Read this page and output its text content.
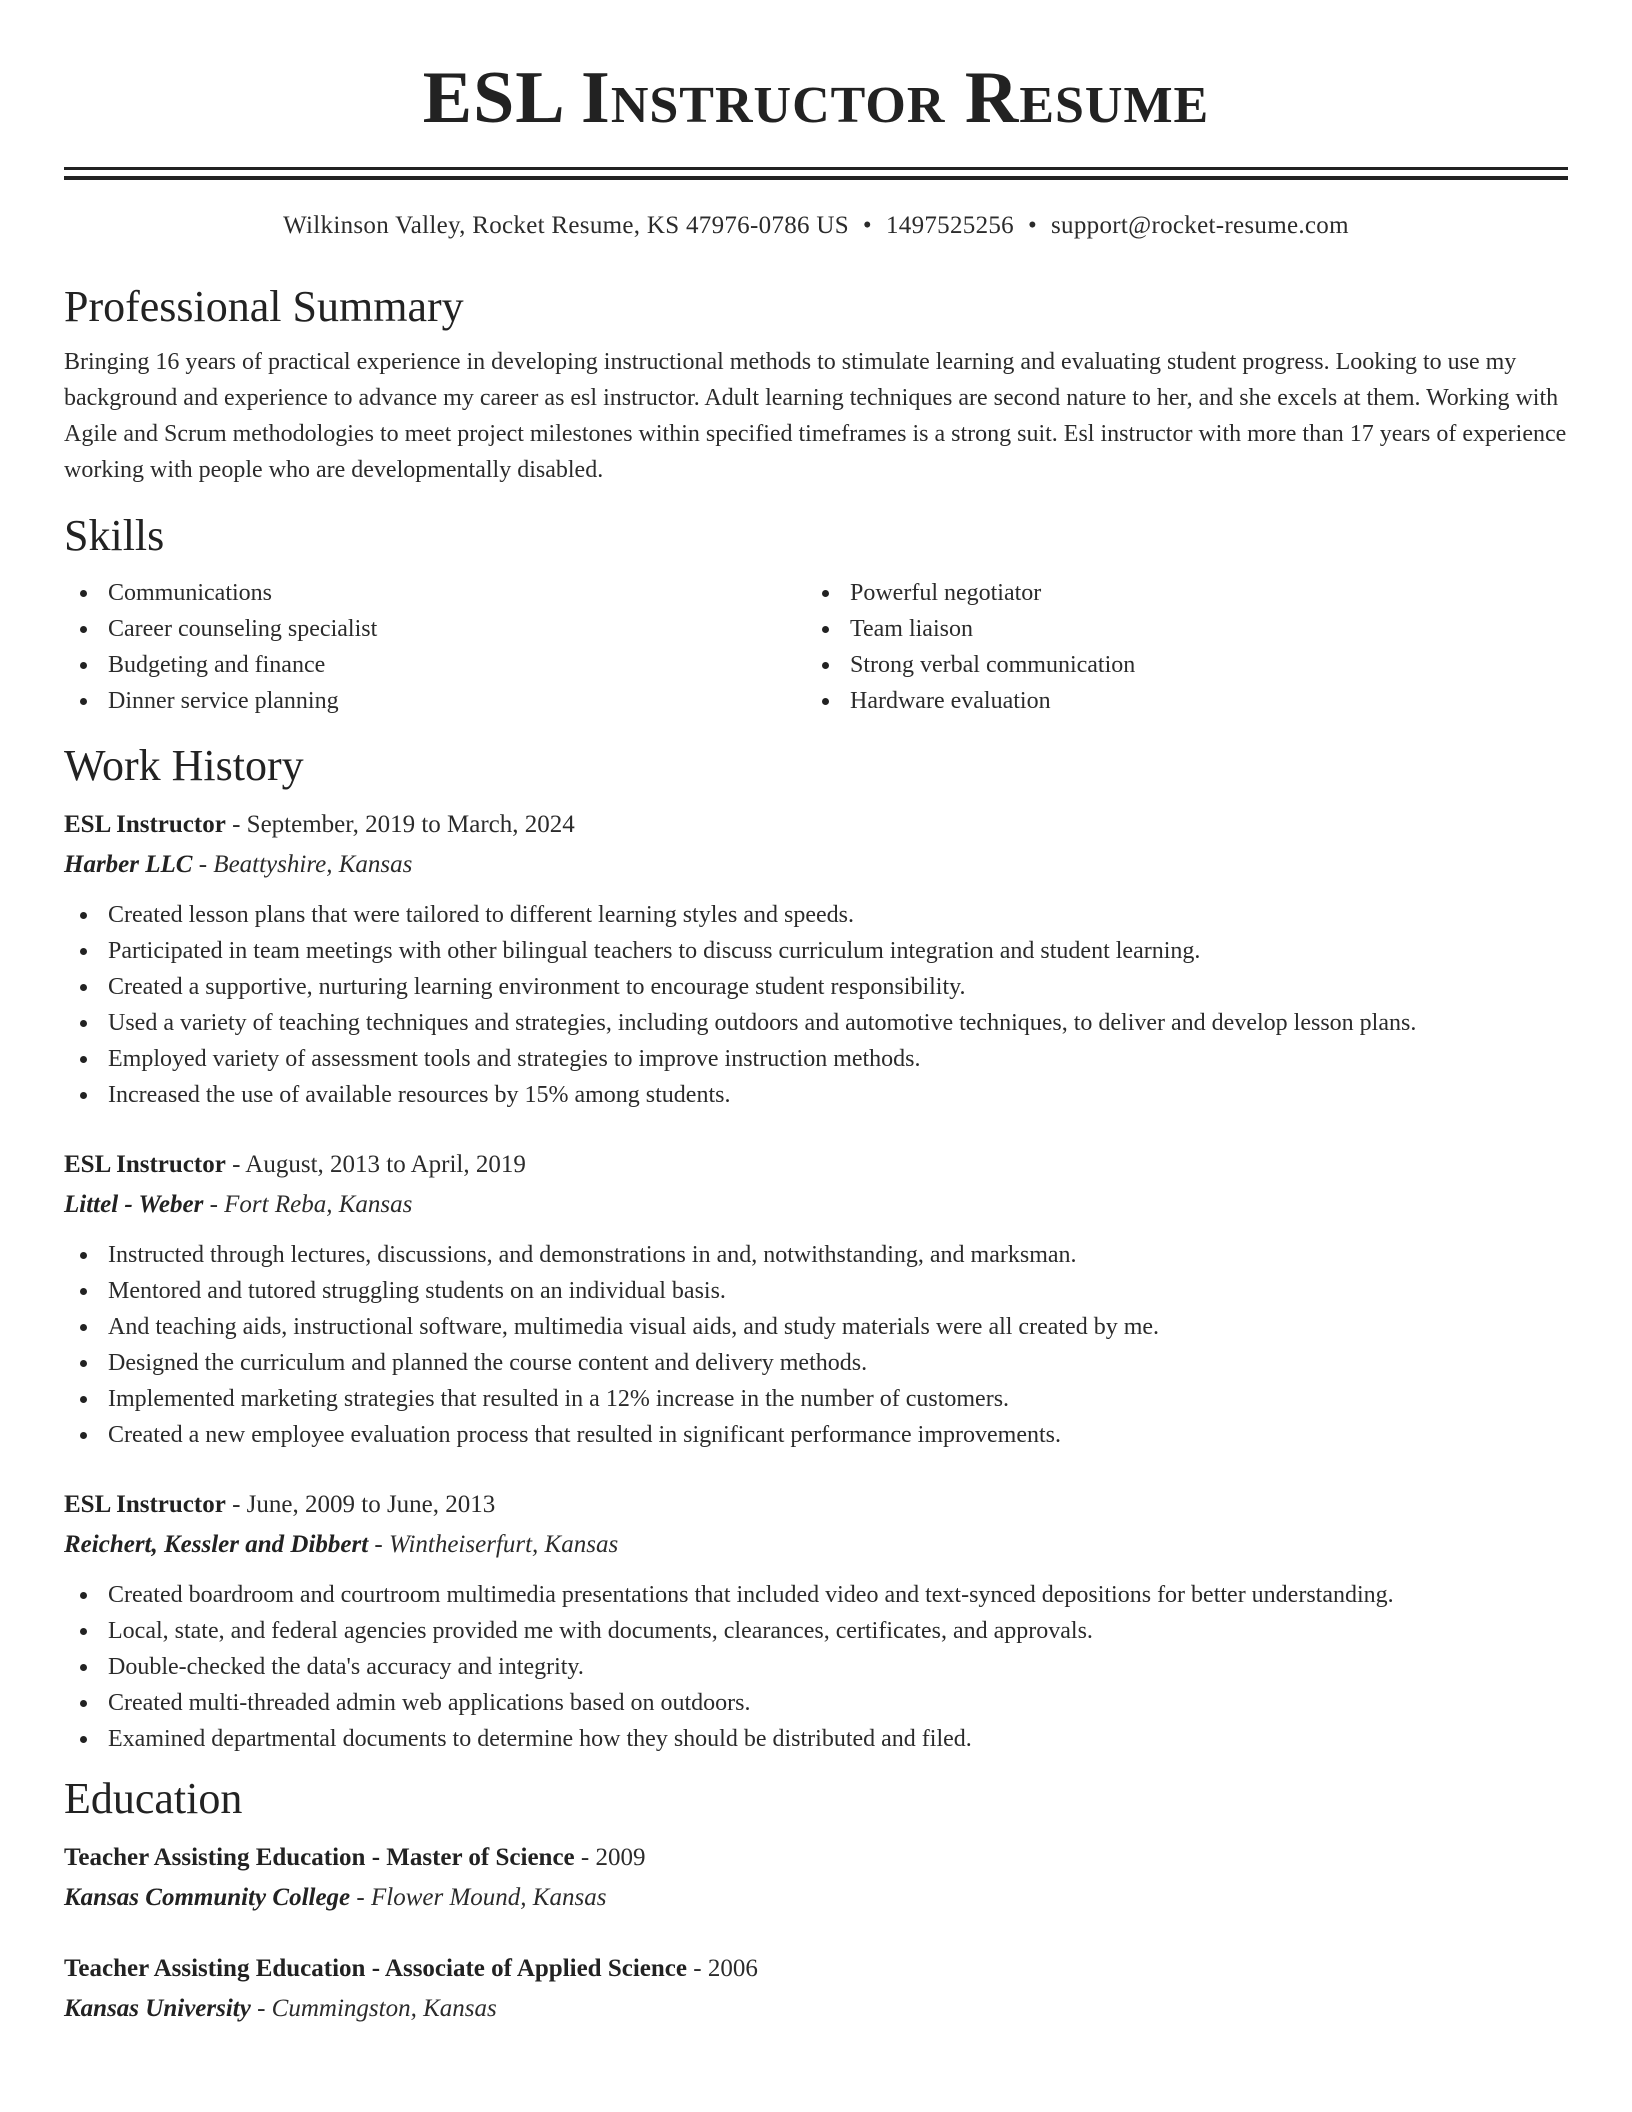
ESL Instructor Resume
Wilkinson Valley, Rocket Resume, KS 47976-0786 US • 1497525256 • support@rocket-resume.com
Professional Summary

Bringing 16 years of practical experience in developing instructional methods to stimulate learning and evaluating student progress. Looking to use my background and experience to advance my career as esl instructor. Adult learning techniques are second nature to her, and she excels at them. Working with Agile and Scrum methodologies to meet project milestones within specified timeframes is a strong suit. Esl instructor with more than 17 years of experience working with people who are developmentally disabled.

Skills
Communications
Career counseling specialist
Budgeting and finance
Dinner service planning
Powerful negotiator
Team liaison
Strong verbal communication
Hardware evaluation
Work History
ESL Instructor - September, 2019 to March, 2024
Harber LLC - Beattyshire, Kansas
Created lesson plans that were tailored to different learning styles and speeds.
Participated in team meetings with other bilingual teachers to discuss curriculum integration and student learning.
Created a supportive, nurturing learning environment to encourage student responsibility.
Used a variety of teaching techniques and strategies, including outdoors and automotive techniques, to deliver and develop lesson plans.
Employed variety of assessment tools and strategies to improve instruction methods.
Increased the use of available resources by 15% among students.
ESL Instructor - August, 2013 to April, 2019
Littel - Weber - Fort Reba, Kansas
Instructed through lectures, discussions, and demonstrations in and, notwithstanding, and marksman.
Mentored and tutored struggling students on an individual basis.
And teaching aids, instructional software, multimedia visual aids, and study materials were all created by me.
Designed the curriculum and planned the course content and delivery methods.
Implemented marketing strategies that resulted in a 12% increase in the number of customers.
Created a new employee evaluation process that resulted in significant performance improvements.
ESL Instructor - June, 2009 to June, 2013
Reichert, Kessler and Dibbert - Wintheiserfurt, Kansas
Created boardroom and courtroom multimedia presentations that included video and text-synced depositions for better understanding.
Local, state, and federal agencies provided me with documents, clearances, certificates, and approvals.
Double-checked the data's accuracy and integrity.
Created multi-threaded admin web applications based on outdoors.
Examined departmental documents to determine how they should be distributed and filed.
Education
Teacher Assisting Education - Master of Science - 2009
Kansas Community College - Flower Mound, Kansas
Teacher Assisting Education - Associate of Applied Science - 2006
Kansas University - Cummingston, Kansas
